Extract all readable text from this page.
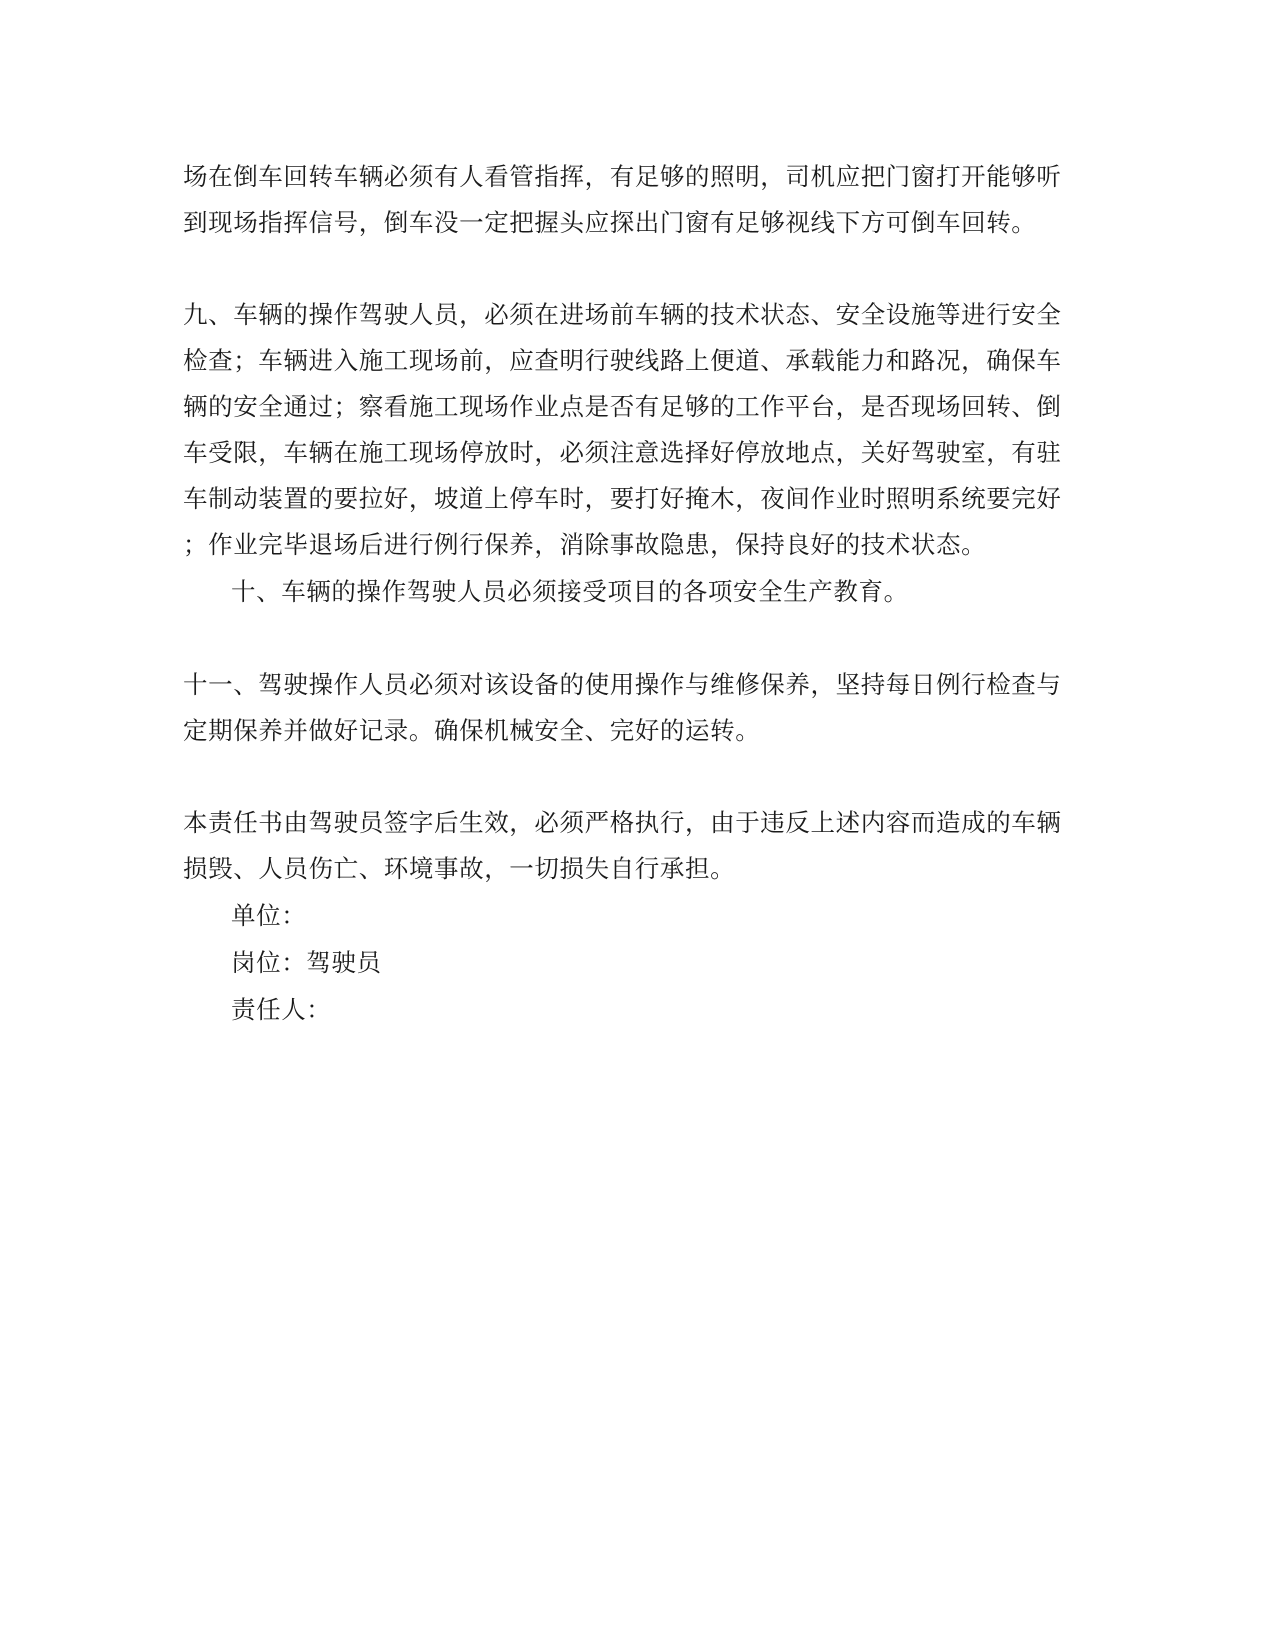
场在倒车回转车辆必须有人看管指挥，有足够的照明，司机应把门窗打开能够听
到现场指挥信号，倒车没一定把握头应探出门窗有足够视线下方可倒车回转。
九、车辆的操作驾驶人员，必须在进场前车辆的技术状态、安全设施等进行安全
检查；车辆进入施工现场前，应查明行驶线路上便道、承载能力和路况，确保车
辆的安全通过；察看施工现场作业点是否有足够的工作平台，是否现场回转、倒
车受限，车辆在施工现场停放时，必须注意选择好停放地点，关好驾驶室，有驻
车制动装置的要拉好，坡道上停车时，要打好掩木，夜间作业时照明系统要完好
；作业完毕退场后进行例行保养，消除事故隐患，保持良好的技术状态。
十、车辆的操作驾驶人员必须接受项目的各项安全生产教育。
十一、驾驶操作人员必须对该设备的使用操作与维修保养，坚持每日例行检查与
定期保养并做好记录。确保机械安全、完好的运转。
本责任书由驾驶员签字后生效，必须严格执行，由于违反上述内容而造成的车辆
损毁、人员伤亡、环境事故，一切损失自行承担。
单位：
岗位：驾驶员
责任人：
